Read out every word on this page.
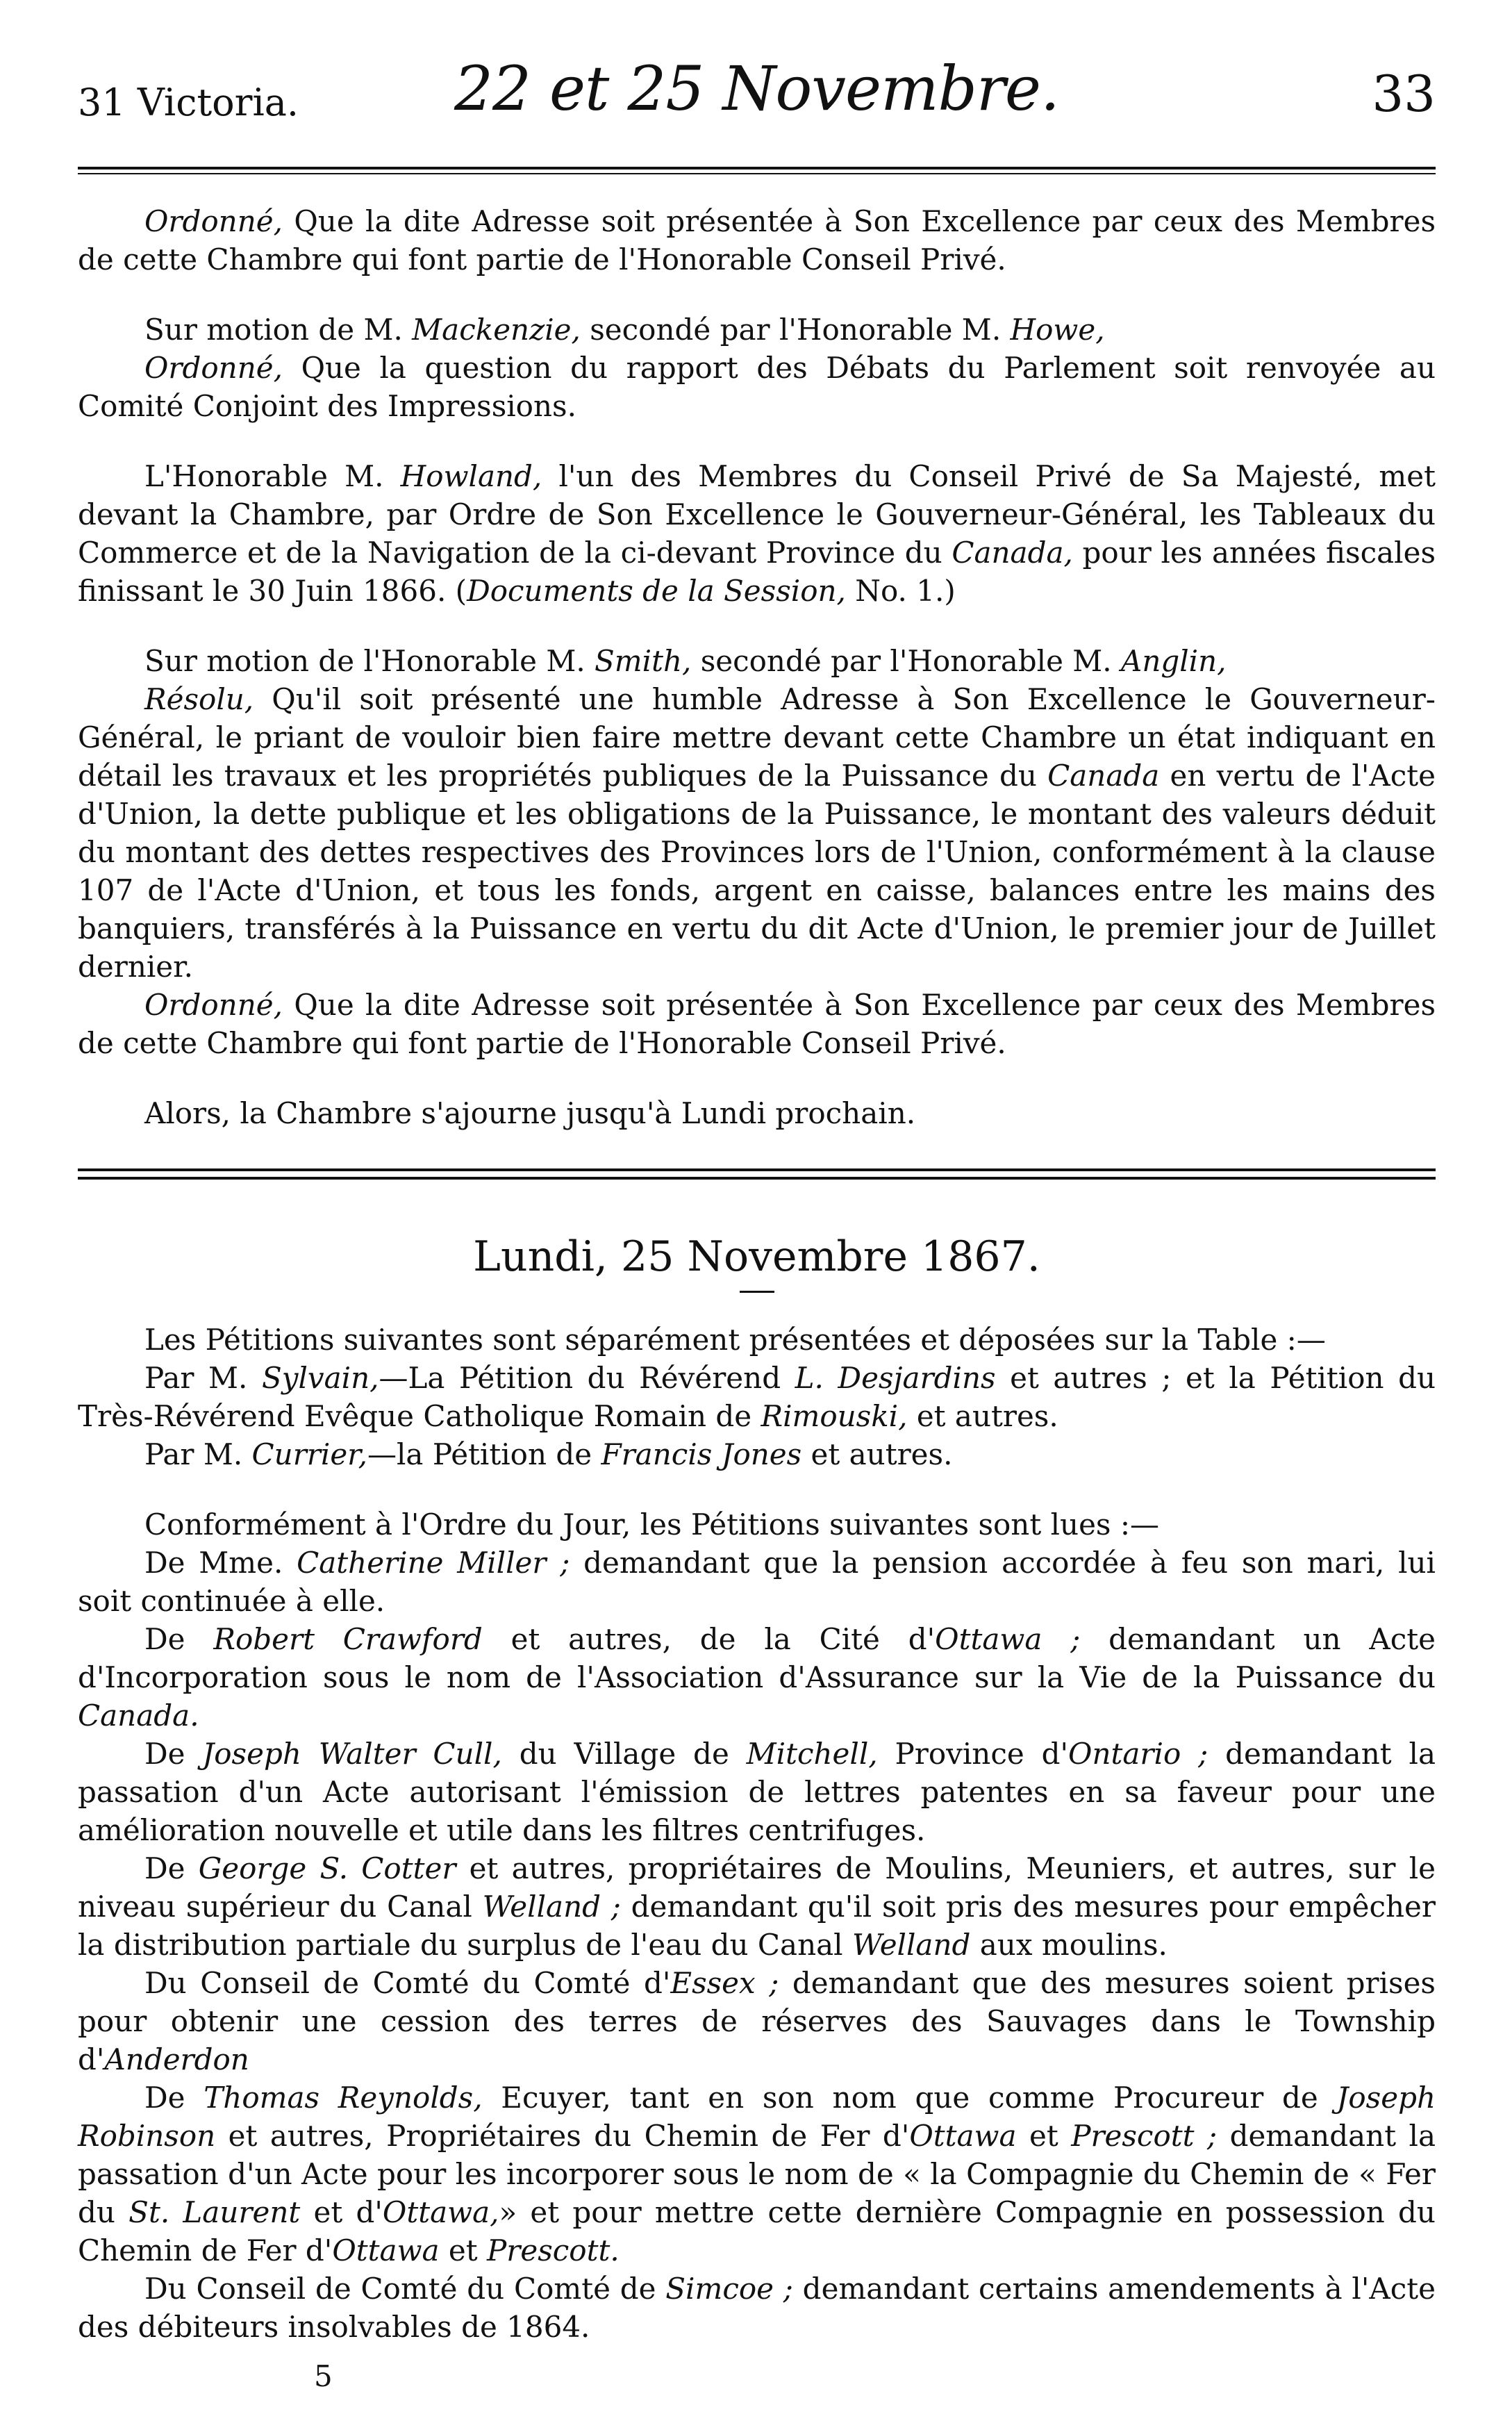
31 Victoria.	22 et 25 Novembre.	33

Ordonné, Que la dite Adresse soit présentée à Son Excellence par ceux des Membres de cette Chambre qui font partie de l'Honorable Conseil Privé.

Sur motion de M. Mackenzie, secondé par l'Honorable M. Howe,

Ordonné, Que la question du rapport des Débats du Parlement soit renvoyée au Comité Conjoint des Impressions.

L'Honorable M. Howland, l'un des Membres du Conseil Privé de Sa Majesté, met devant la Chambre, par Ordre de Son Excellence le Gouverneur-Général, les Tableaux du Commerce et de la Navigation de la ci-devant Province du Canada, pour les années fiscales finissant le 30 Juin 1866. (Documents de la Session, No. 1.)

Sur motion de l'Honorable M. Smith, secondé par l'Honorable M. Anglin,

Résolu, Qu'il soit présenté une humble Adresse à Son Excellence le Gouverneur-Général, le priant de vouloir bien faire mettre devant cette Chambre un état indiquant en détail les travaux et les propriétés publiques de la Puissance du Canada en vertu de l'Acte d'Union, la dette publique et les obligations de la Puissance, le montant des valeurs déduit du montant des dettes respectives des Provinces lors de l'Union, conformément à la clause 107 de l'Acte d'Union, et tous les fonds, argent en caisse, balances entre les mains des banquiers, transférés à la Puissance en vertu du dit Acte d'Union, le premier jour de Juillet dernier.

Ordonné, Que la dite Adresse soit présentée à Son Excellence par ceux des Membres de cette Chambre qui font partie de l'Honorable Conseil Privé.

Alors, la Chambre s'ajourne jusqu'à Lundi prochain.

Lundi, 25 Novembre 1867.

Les Pétitions suivantes sont séparément présentées et déposées sur la Table :—

Par M. Sylvain,—La Pétition du Révérend L. Desjardins et autres ; et la Pétition du Très-Révérend Evêque Catholique Romain de Rimouski, et autres.

Par M. Currier,—la Pétition de Francis Jones et autres.

Conformément à l'Ordre du Jour, les Pétitions suivantes sont lues :—

De Mme. Catherine Miller ; demandant que la pension accordée à feu son mari, lui soit continuée à elle.

De Robert Crawford et autres, de la Cité d'Ottawa ; demandant un Acte d'Incorporation sous le nom de l'Association d'Assurance sur la Vie de la Puissance du Canada.

De Joseph Walter Cull, du Village de Mitchell, Province d'Ontario ; demandant la passation d'un Acte autorisant l'émission de lettres patentes en sa faveur pour une amélioration nouvelle et utile dans les filtres centrifuges.

De George S. Cotter et autres, propriétaires de Moulins, Meuniers, et autres, sur le niveau supérieur du Canal Welland ; demandant qu'il soit pris des mesures pour empêcher la distribution partiale du surplus de l'eau du Canal Welland aux moulins.

Du Conseil de Comté du Comté d'Essex ; demandant que des mesures soient prises pour obtenir une cession des terres de réserves des Sauvages dans le Township d'Anderdon

De Thomas Reynolds, Ecuyer, tant en son nom que comme Procureur de Joseph Robinson et autres, Propriétaires du Chemin de Fer d'Ottawa et Prescott ; demandant la passation d'un Acte pour les incorporer sous le nom de « la Compagnie du Chemin de « Fer du St. Laurent et d'Ottawa,» et pour mettre cette dernière Compagnie en possession du Chemin de Fer d'Ottawa et Prescott.

Du Conseil de Comté du Comté de Simcoe ; demandant certains amendements à l'Acte des débiteurs insolvables de 1864.

5
